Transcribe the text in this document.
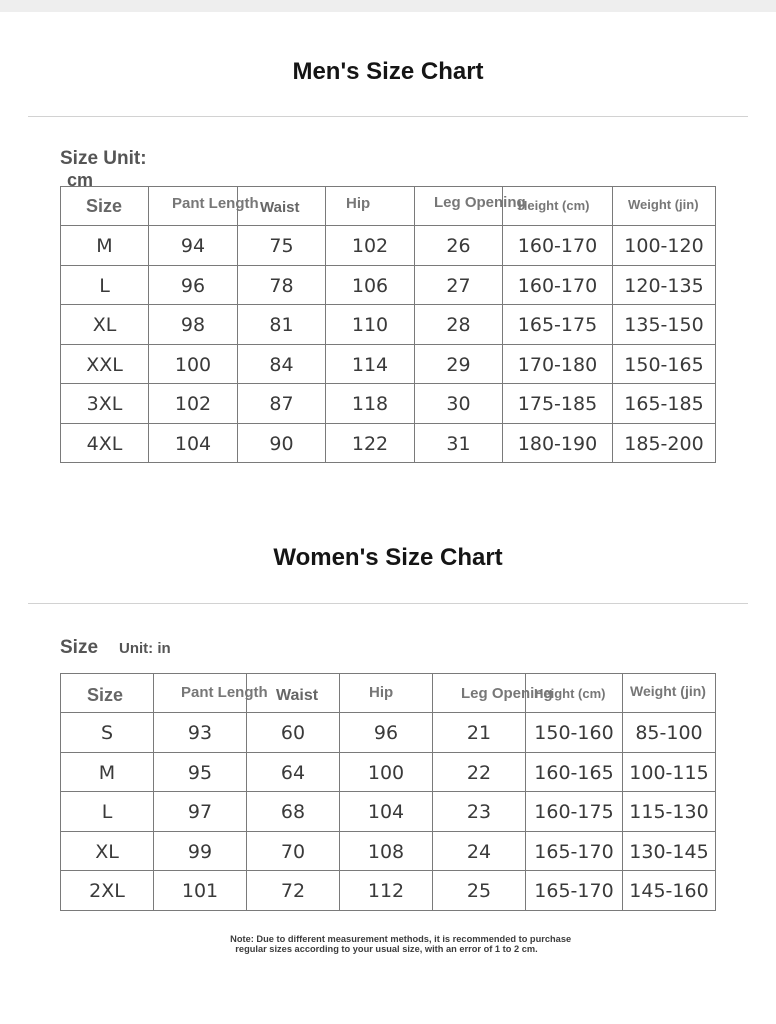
Men's Size Chart
Size Unit:
cm
Size	Pant Length	Waist	Hip	Leg Opening	Height (cm)	Weight (jin)

M	94	75	102	26	160-170	100-120
L	96	78	106	27	160-170	120-135
XL	98	81	110	28	165-175	135-150
XXL	100	84	114	29	170-180	150-165
3XL	102	87	118	30	175-185	165-185
4XL	104	90	122	31	180-190	185-200
Women's Size Chart
Size Unit: in
Size	Pant Length	Waist	Hip	Leg Opening	Height (cm)	Weight (jin)

S	93	60	96	21	150-160	85-100
M	95	64	100	22	160-165	100-115
L	97	68	104	23	160-175	115-130
XL	99	70	108	24	165-170	130-145
2XL	101	72	112	25	165-170	145-160
Note: Due to different measurement methods, it is recommended to purchase
regular sizes according to your usual size, with an error of 1 to 2 cm.
